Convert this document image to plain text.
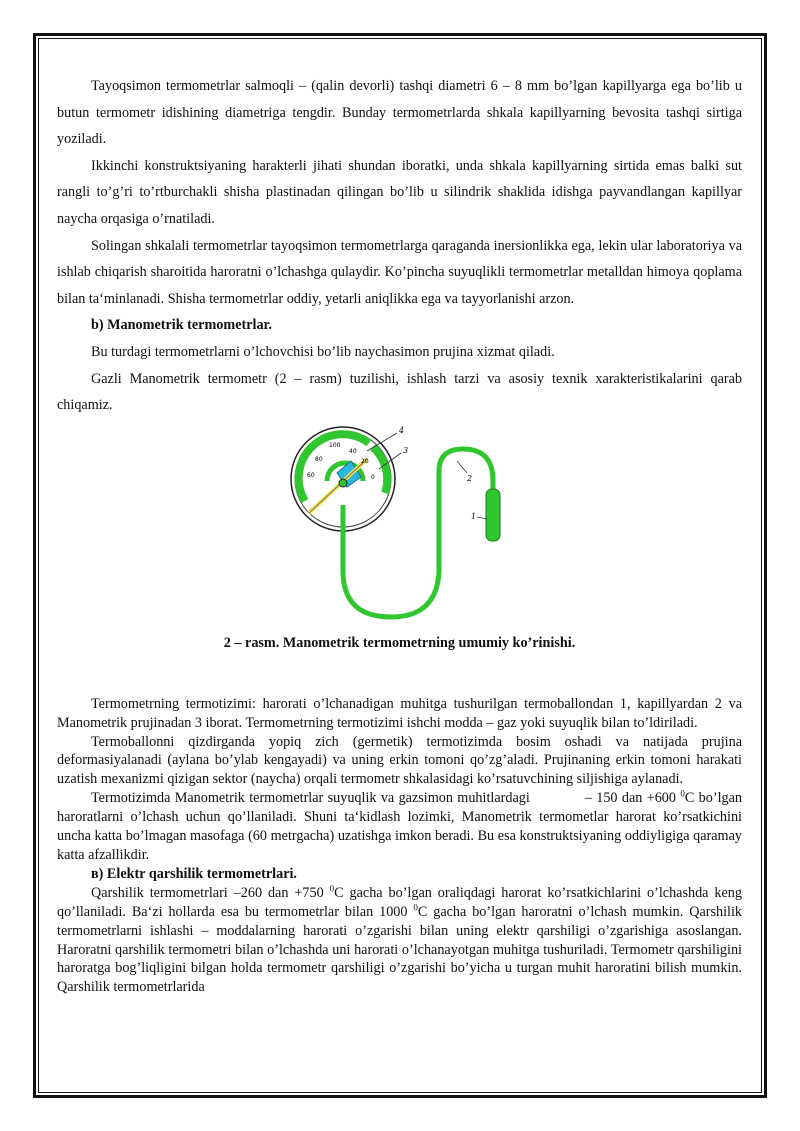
Tayoqsimon termometrlar salmoqli – (qalin devorli) tashqi diametri 6 – 8 mm bo’lgan kapillyarga ega bo’lib u butun termometr idishining diametriga tengdir. Bunday termometrlarda shkala kapillyarning bevosita tashqi sirtiga yoziladi.

Ikkinchi konstruktsiyaning harakterli jihati shundan iboratki, unda shkala kapillyarning sirtida emas balki sut rangli to’g’ri to’rtburchakli shisha plastinadan qilingan bo’lib u silindrik shaklida idishga payvandlangan kapillyar naycha orqasiga o’rnatiladi.

Solingan shkalali termometrlar tayoqsimon termometrlarga qaraganda inersionlikka ega, lekin ular laboratoriya va ishlab chiqarish sharoitida haroratni o’lchashga qulaydir. Ko’pincha suyuqlikli termometrlar metalldan himoya qoplama bilan ta‘minlanadi. Shisha termometrlar oddiy, yetarli aniqlikka ega va tayyorlanishi arzon.

b) Manometrik termometrlar.

Bu turdagi termometrlarni o’lchovchisi bo’lib naychasimon prujina xizmat qiladi.

Gazli Manometrik termometr (2 – rasm) tuzilishi, ishlash tarzi va asosiy texnik xarakteristikalarini qarab chiqamiz.

100
80
60
40
20
0
4
3
2
1

2 – rasm. Manometrik termometrning umumiy ko’rinishi.

Termometrning termotizimi: harorati o’lchanadigan muhitga tushurilgan termoballondan 1, kapillyardan 2 va Manometrik prujinadan 3 iborat. Termometrning termotizimi ishchi modda – gaz yoki suyuqlik bilan to’ldiriladi.

Termoballonni qizdirganda yopiq zich (germetik) termotizimda bosim oshadi va natijada prujina deformasiyalanadi (aylana bo’ylab kengayadi) va uning erkin tomoni qo’zg’aladi. Prujinaning erkin tomoni harakati uzatish mexanizmi qizigan sektor (naycha) orqali termometr shkalasidagi ko’rsatuvchining siljishiga aylanadi.

Termotizimda Manometrik termometrlar suyuqlik va gazsimon muhitlardagi	– 150 dan +600 $^0$C bo’lgan haroratlarni o’lchash uchun qo’llaniladi. Shuni ta‘kidlash lozimki, Manometrik termometlar harorat ko’rsatkichini uncha katta bo’lmagan masofaga (60 metrgacha) uzatishga imkon beradi. Bu esa konstruktsiyaning oddiyligiga qaramay katta afzallikdir.

в) Elektr qarshilik termometrlari.

Qarshilik termometrlari –260 dan +750 $^0$C gacha bo’lgan oraliqdagi harorat ko’rsatkichlarini o’lchashda keng qo’llaniladi. Ba‘zi hollarda esa bu termometrlar bilan 1000 $^0$C gacha bo’lgan haroratni o’lchash mumkin. Qarshilik termometrlarni ishlashi – moddalarning harorati o’zgarishi bilan uning elektr qarshiligi o’zgarishiga asoslangan. Haroratni qarshilik termometri bilan o’lchashda uni harorati o’lchanayotgan muhitga tushuriladi. Termometr qarshiligini haroratga bog’liqligini bilgan holda termometr qarshiligi o’zgarishi bo’yicha u turgan muhit haroratini bilish mumkin. Qarshilik termometrlarida
